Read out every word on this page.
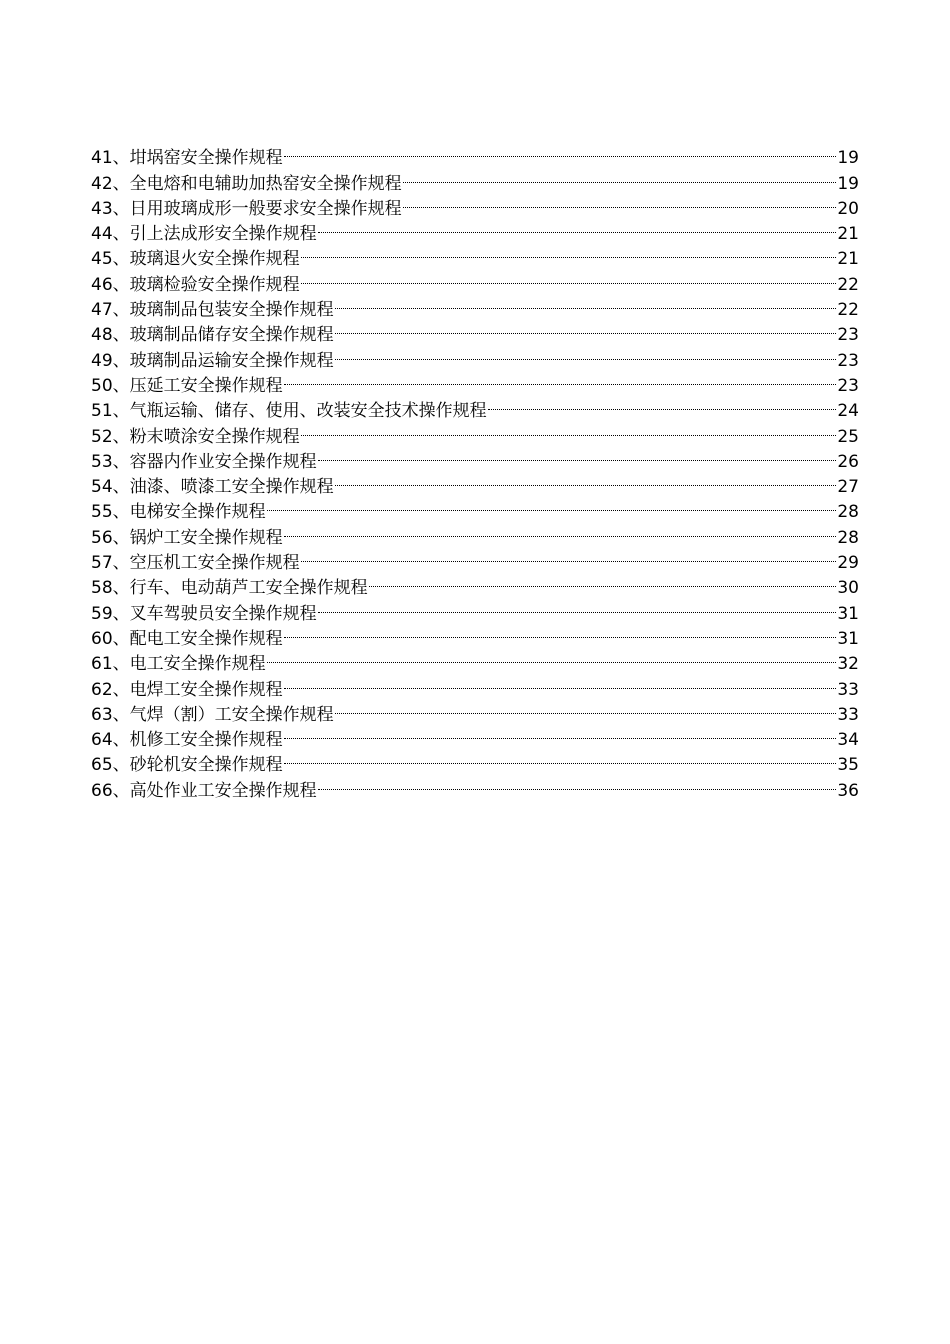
41 、 坩埚窑安全操作规程	19
42 、 全电熔和电辅助加热窑安全操作规程	19
43 、 日用玻璃成形一般要求安全操作规程	20
44 、 引上法成形安全操作规程	21
45 、 玻璃退火安全操作规程	21
46 、 玻璃检验安全操作规程	22
47 、 玻璃制品包装安全操作规程	22
48 、 玻璃制品储存安全操作规程	23
49 、 玻璃制品运输安全操作规程	23
50 、 压延工安全操作规程	23
51 、 气瓶运输、储存、使用、改装安全技术操作规程	24
52 、 粉末喷涂安全操作规程	25
53 、 容器内作业安全操作规程	26
54 、 油漆、喷漆工安全操作规程	27
55 、 电梯安全操作规程	28
56 、 锅炉工安全操作规程	28
57 、 空压机工安全操作规程	29
58 、 行车、电动葫芦工安全操作规程	30
59 、 叉车驾驶员安全操作规程	31
60 、 配电工安全操作规程	31
61 、 电工安全操作规程	32
62 、 电焊工安全操作规程	33
63 、 气焊（割）工安全操作规程	33
64 、 机修工安全操作规程	34
65 、 砂轮机安全操作规程	35
66 、 高处作业工安全操作规程	36
